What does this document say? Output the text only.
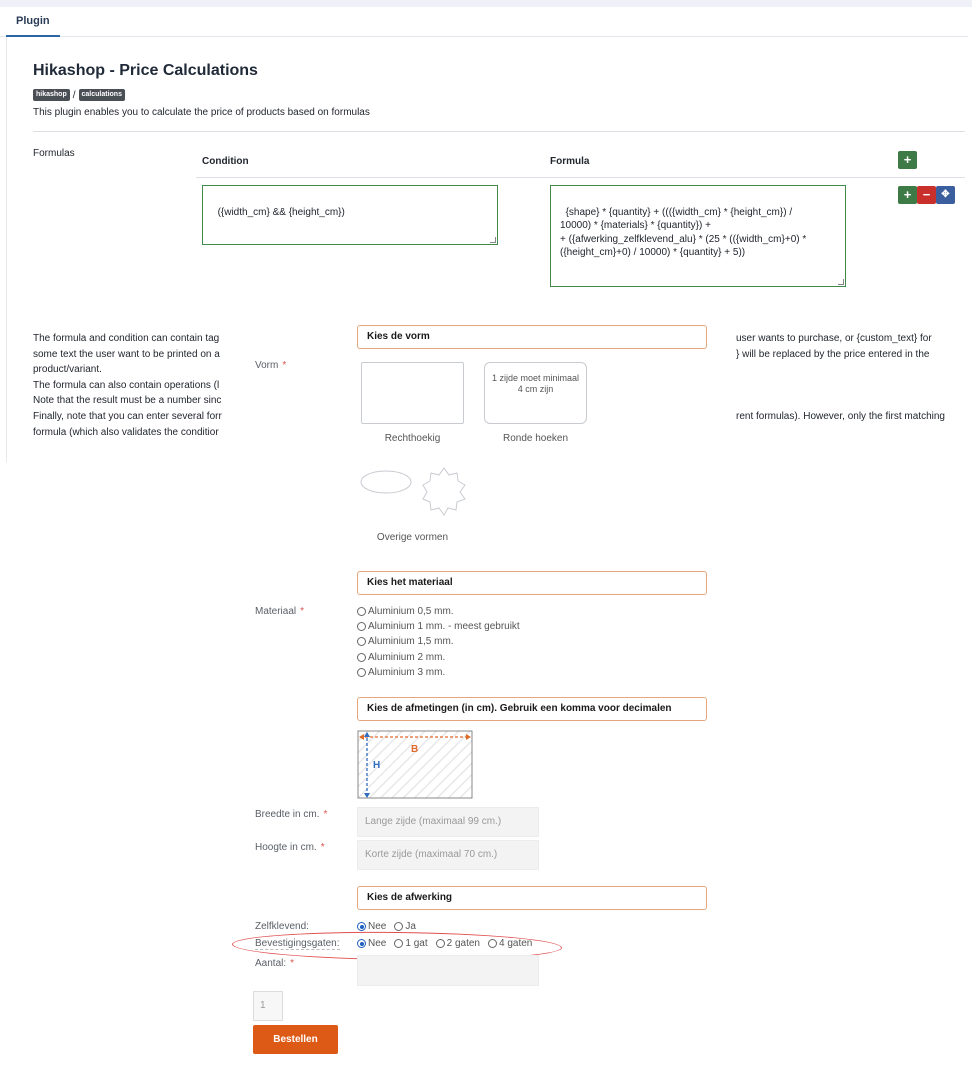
Plugin
Hikashop - Price Calculations
hikashop / calculations
This plugin enables you to calculate the price of products based on formulas
Formulas
Condition	Formula	+

({width_cm} && {height_cm})
	{shape} * {quantity} + ((({width_cm} * {height_cm}) /
10000) * {materials} * {quantity}) +
+ ({afwerking_zelfklevend_alu} * (25 * (({width_cm}+0) *
({height_cm}+0) / 10000) * {quantity} + 5))

+ −	✥
The formula and condition can contain tag
some text the user want to be printed on a
product/variant.
The formula can also contain operations (l
Note that the result must be a number sinc
Finally, note that you can enter several forr
formula (which also validates the conditior
user wants to purchase, or {custom_text} for
} will be replaced by the price entered in the

rent formulas). However, only the first matching
Kies de vorm
Vorm *
Rechthoekig
1 zijde moet minimaal 4 cm zijn
Ronde hoeken
Overige vormen
Kies het materiaal
Materiaal *	Aluminium 0,5 mm.
Aluminium 1 mm. - meest gebruikt
Aluminium 1,5 mm.
Aluminium 2 mm.
Aluminium 3 mm.
Kies de afmetingen (in cm). Gebruik een komma voor decimalen
B
H
Breedte in cm. *
Lange zijde (maximaal 99 cm.)
Hoogte in cm. *
Korte zijde (maximaal 70 cm.)
Kies de afwerking
Zelfklevend:	Nee Ja
Bevestigingsgaten:	Nee 1 gat 2 gaten 4 gaten
Aantal: *
1
Bestellen
